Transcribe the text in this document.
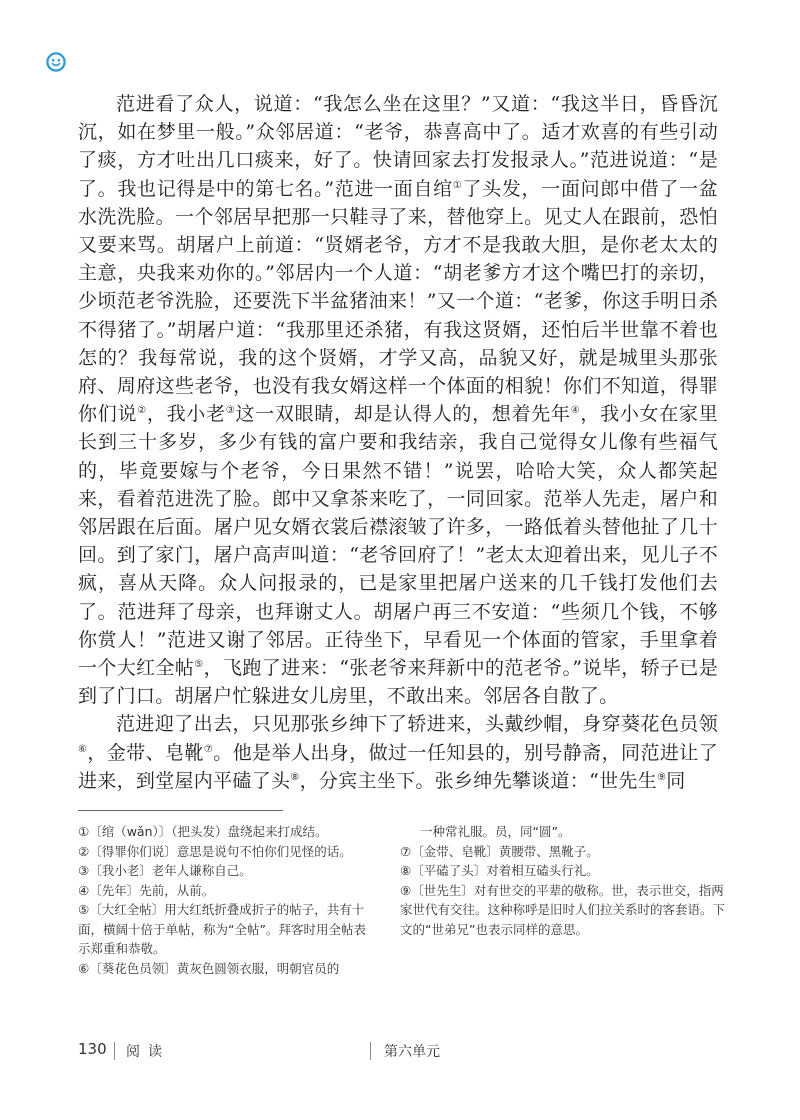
范进看了众人，说道：“我怎么坐在这里？”又道：“我这半日，昏昏沉沉，如在梦里一般。”众邻居道：“老爷，恭喜高中了。适才欢喜的有些引动了痰，方才吐出几口痰来，好了。快请回家去打发报录人。”范进说道：“是了。我也记得是中的第七名。”范进一面自绾①了头发，一面问郎中借了一盆水洗洗脸。一个邻居早把那一只鞋寻了来，替他穿上。见丈人在跟前，恐怕又要来骂。胡屠户上前道：“贤婿老爷，方才不是我敢大胆，是你老太太的主意，央我来劝你的。”邻居内一个人道：“胡老爹方才这个嘴巴打的亲切，少顷范老爷洗脸，还要洗下半盆猪油来！”又一个道：“老爹，你这手明日杀不得猪了。”胡屠户道：“我那里还杀猪，有我这贤婿，还怕后半世靠不着也怎的？我每常说，我的这个贤婿，才学又高，品貌又好，就是城里头那张府、周府这些老爷，也没有我女婿这样一个体面的相貌！你们不知道，得罪你们说②，我小老③这一双眼睛，却是认得人的，想着先年④，我小女在家里长到三十多岁，多少有钱的富户要和我结亲，我自己觉得女儿像有些福气的，毕竟要嫁与个老爷，今日果然不错！”说罢，哈哈大笑，众人都笑起来，看着范进洗了脸。郎中又拿茶来吃了，一同回家。范举人先走，屠户和邻居跟在后面。屠户见女婿衣裳后襟滚皱了许多，一路低着头替他扯了几十回。到了家门，屠户高声叫道：“老爷回府了！”老太太迎着出来，见儿子不疯，喜从天降。众人问报录的，已是家里把屠户送来的几千钱打发他们去了。范进拜了母亲，也拜谢丈人。胡屠户再三不安道：“些须几个钱，不够你赏人！”范进又谢了邻居。正待坐下，早看见一个体面的管家，手里拿着一个大红全帖⑤，飞跑了进来：“张老爷来拜新中的范老爷。”说毕，轿子已是到了门口。胡屠户忙躲进女儿房里，不敢出来。邻居各自散了。

范进迎了出去，只见那张乡绅下了轿进来，头戴纱帽，身穿葵花色员领⑥，金带、皂靴⑦。他是举人出身，做过一任知县的，别号静斋，同范进让了进来，到堂屋内平磕了头⑧，分宾主坐下。张乡绅先攀谈道：“世先生⑨同

①〔绾（wǎn）〕（把头发）盘绕起来打成结。

②〔得罪你们说〕意思是说句不怕你们见怪的话。

③〔我小老〕老年人谦称自己。

④〔先年〕先前，从前。

⑤〔大红全帖〕用大红纸折叠成折子的帖子，共有十面，横阔十倍于单帖，称为“全帖”。拜客时用全帖表示郑重和恭敬。

⑥〔葵花色员领〕黄灰色圆领衣服，明朝官员的

一种常礼服。员，同“圆”。

⑦〔金带、皂靴〕黄腰带、黑靴子。

⑧〔平磕了头〕对着相互磕头行礼。

⑨〔世先生〕对有世交的平辈的敬称。世，表示世交，指两家世代有交往。这种称呼是旧时人们拉关系时的客套语。下文的“世弟兄”也表示同样的意思。

130 阅读	第六单元
